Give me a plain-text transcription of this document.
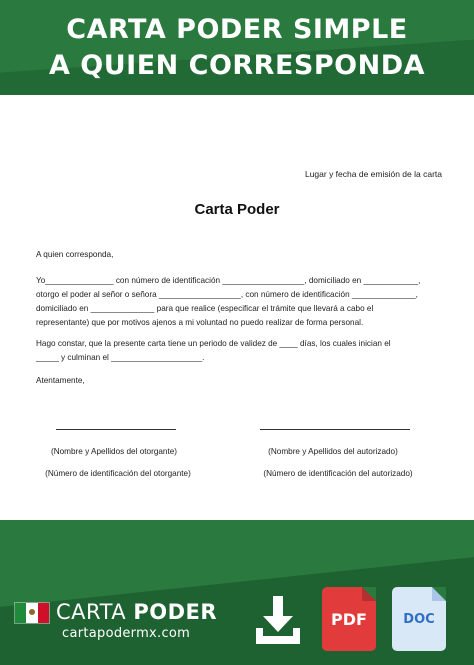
CARTA PODER SIMPLE
A QUIEN CORRESPONDA
Lugar y fecha de emisión de la carta
Carta Poder
A quien corresponda,
Yo_______________ con número de identificación __________________, domiciliado en ____________,
otorgo el poder al señor o señora __________________, con número de identificación ______________,
domiciliado en ______________ para que realice (especificar el trámite que llevará a cabo el
representante) que por motivos ajenos a mi voluntad no puedo realizar de forma personal.
Hago constar, que la presente carta tiene un periodo de validez de ____ días, los cuales inician el
_____ y culminan el ____________________.
Atentamente,
(Nombre y Apellidos del otorgante)	(Nombre y Apellidos del autorizado)
(Número de identificación del otorgante)	(Número de identificación del autorizado)
CARTA PODER
cartapodermx.com
PDF	DOC
